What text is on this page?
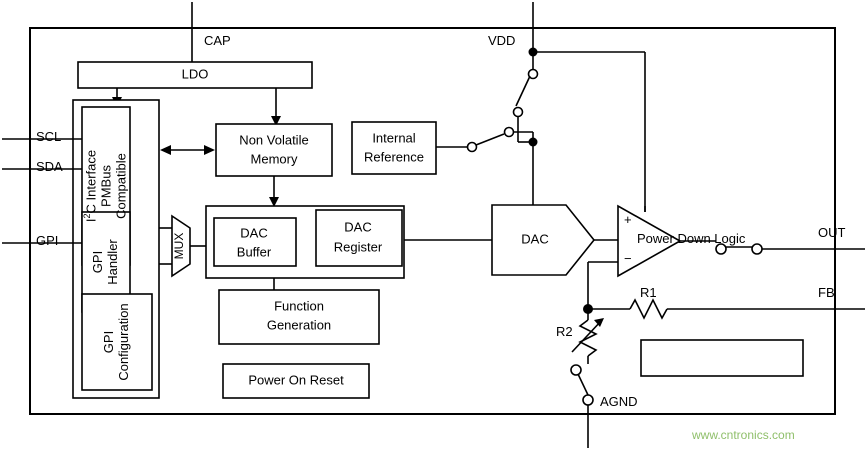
CAP	VDD
SCL
SDA
GPI
OUT
FB
AGND
LDO
$I^2C$ Interface
PMBus
Compatible
GPI
Handler
GPI
Configuration
Non Volatile
Memory
Internal
Reference
MUX	DAC
Buffer
DAC
Register
Function
Generation
Power On Reset
DAC	Power Down Logic
+
−
R1
R2
www.cntronics.com
